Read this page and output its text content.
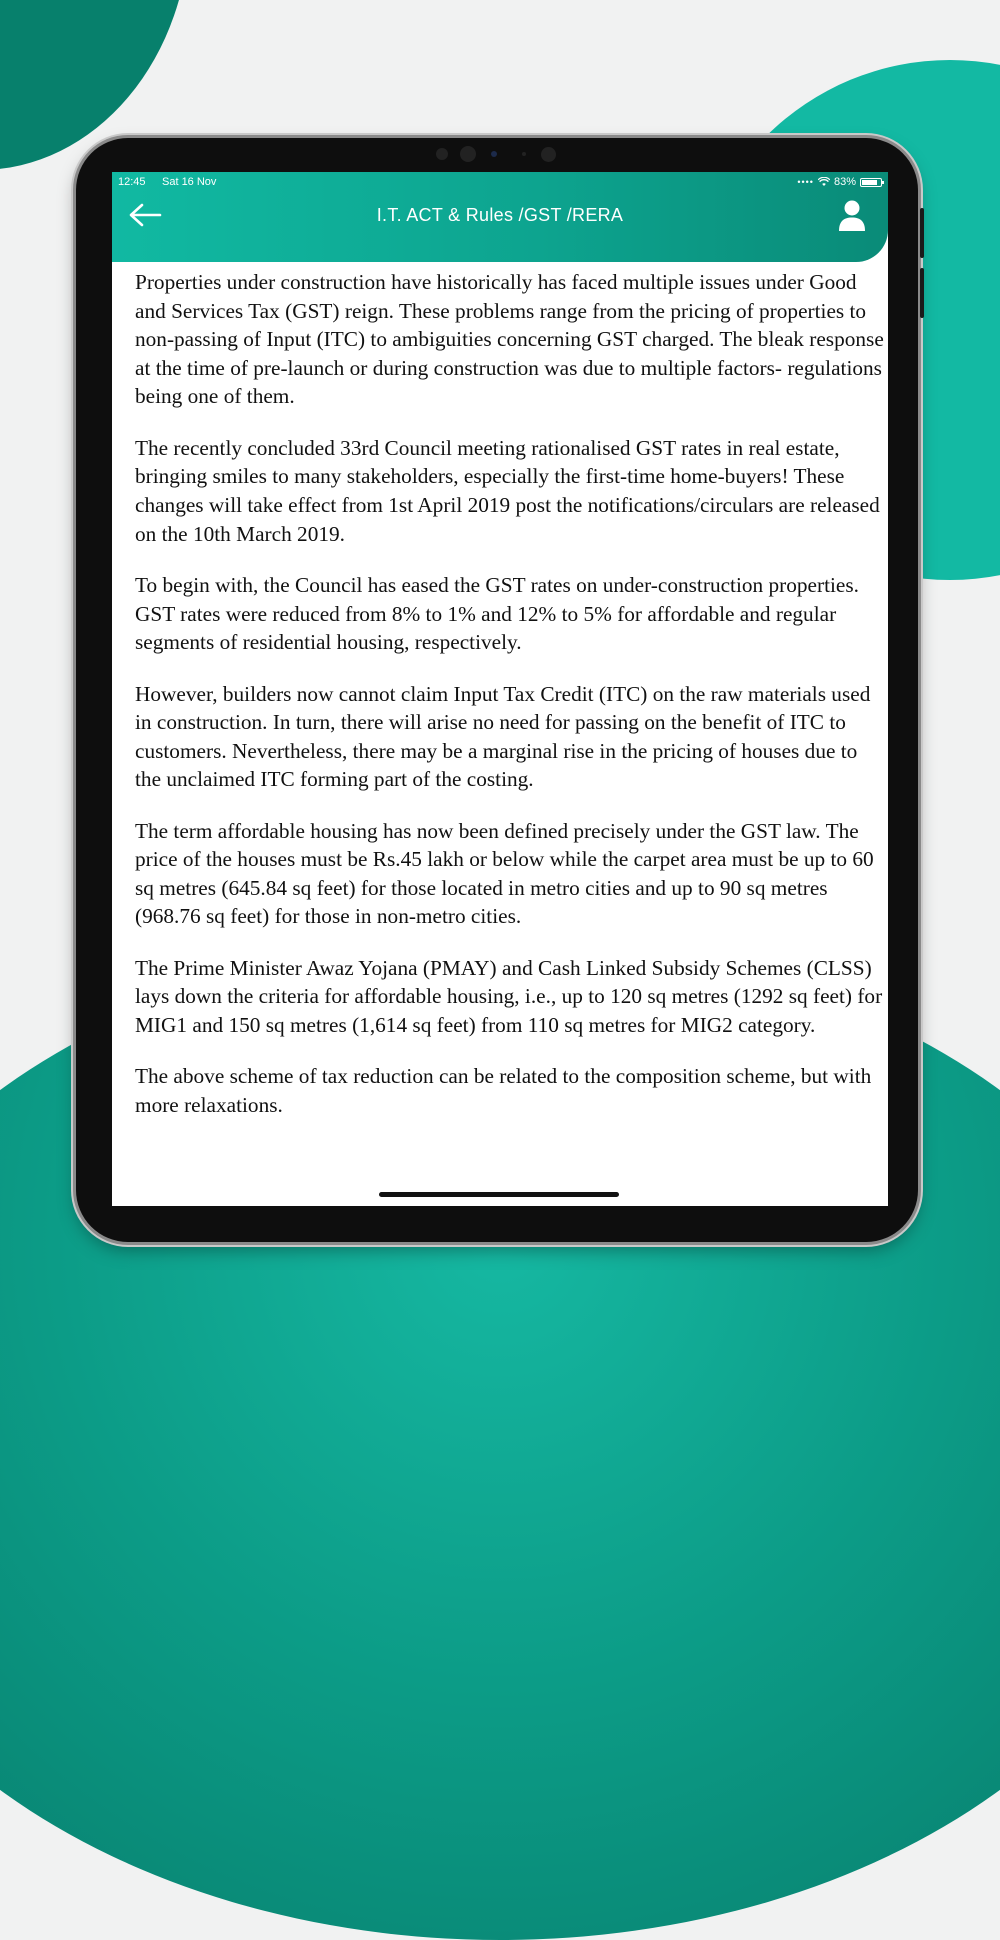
12:45 Sat 16 Nov	•••• 83%
I.T. ACT & Rules /GST /RERA

Properties under construction have historically has faced multiple issues under Good and Services Tax (GST) reign. These problems range from the pricing of properties to non-passing of Input (ITC) to ambiguities concerning GST charged. The bleak response at the time of pre-launch or during construction was due to multiple factors- regulations being one of them.

The recently concluded 33rd Council meeting rationalised GST rates in real estate, bringing smiles to many stakeholders, especially the first-time home-buyers! These changes will take effect from 1st April 2019 post the notifications/circulars are released on the 10th March 2019.

To begin with, the Council has eased the GST rates on under-construction properties. GST rates were reduced from 8% to 1% and 12% to 5% for affordable and regular segments of residential housing, respectively.

However, builders now cannot claim Input Tax Credit (ITC) on the raw materials used in construction. In turn, there will arise no need for passing on the benefit of ITC to customers. Nevertheless, there may be a marginal rise in the pricing of houses due to the unclaimed ITC forming part of the costing.

The term affordable housing has now been defined precisely under the GST law. The price of the houses must be Rs.45 lakh or below while the carpet area must be up to 60 sq metres (645.84 sq feet) for those located in metro cities and up to 90 sq metres (968.76 sq feet) for those in non-metro cities.

The Prime Minister Awaz Yojana (PMAY) and Cash Linked Subsidy Schemes (CLSS) lays down the criteria for affordable housing, i.e., up to 120 sq metres (1292 sq feet) for MIG1 and 150 sq metres (1,614 sq feet) from 110 sq metres for MIG2 category.

The above scheme of tax reduction can be related to the composition scheme, but with more relaxations.
